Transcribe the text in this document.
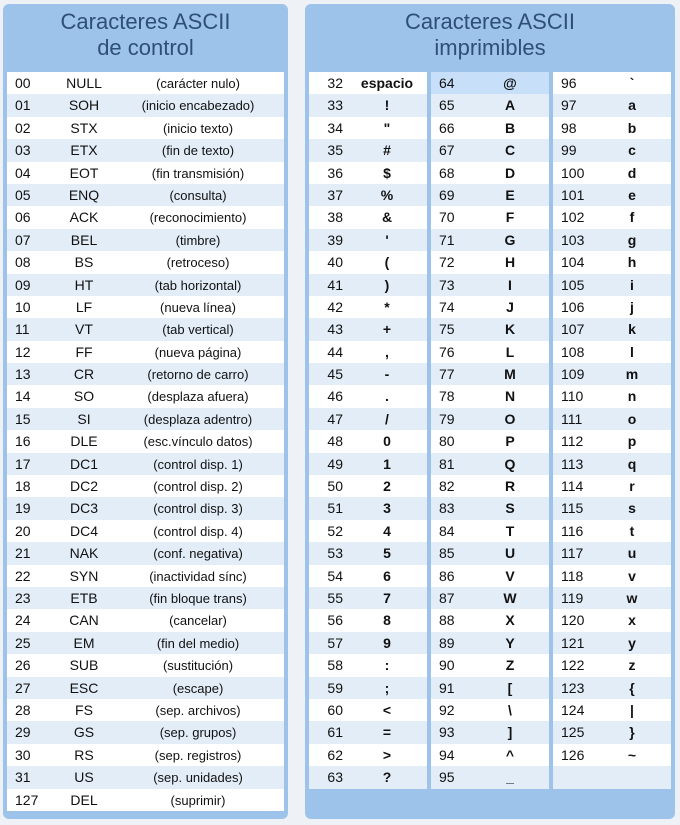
Caracteres ASCII
de control
00	NULL	(carácter nulo)
01	SOH	(inicio encabezado)
02	STX	(inicio texto)
03	ETX	(fin de texto)
04	EOT	(fin transmisión)
05	ENQ	(consulta)
06	ACK	(reconocimiento)
07	BEL	(timbre)
08	BS	(retroceso)
09	HT	(tab horizontal)
10	LF	(nueva línea)
11	VT	(tab vertical)
12	FF	(nueva página)
13	CR	(retorno de carro)
14	SO	(desplaza afuera)
15	SI	(desplaza adentro)
16	DLE	(esc.vínculo datos)
17	DC1	(control disp. 1)
18	DC2	(control disp. 2)
19	DC3	(control disp. 3)
20	DC4	(control disp. 4)
21	NAK	(conf. negativa)
22	SYN	(inactividad sínc)
23	ETB	(fin bloque trans)
24	CAN	(cancelar)
25	EM	(fin del medio)
26	SUB	(sustitución)
27	ESC	(escape)
28	FS	(sep. archivos)
29	GS	(sep. grupos)
30	RS	(sep. registros)
31	US	(sep. unidades)
127 DEL	(suprimir)
Caracteres ASCII
imprimibles
32 espacio
33	!
34	"
35	#
36	$
37	%
38	&
39	'
40	(
41	)
42	*
43	+
44	,
45	-
46	.
47	/
48	0
49	1
50	2
51	3
52	4
53	5
54	6
55	7
56	8
57	9
58	:
59	;
60	<
61	=
62	>
63	?
64	@
65	A
66	B
67	C
68	D
69	E
70	F
71	G
72	H
73	I
74	J
75	K
76	L
77	M
78	N
79	O
80	P
81	Q
82	R
83	S
84	T
85	U
86	V
87	W
88	X
89	Y
90	Z
91	[
92	\
93	]
94	^
95	_
96	`
97	a
98	b
99	c
100	d
101	e
102	f
103	g
104	h
105	i
106	j
107	k
108	l
109	m
110	n
111	o
112	p
113	q
114	r
115	s
116	t
117	u
118	v
119	w
120	x
121	y
122	z
123	{
124	|
125	}
126	~
